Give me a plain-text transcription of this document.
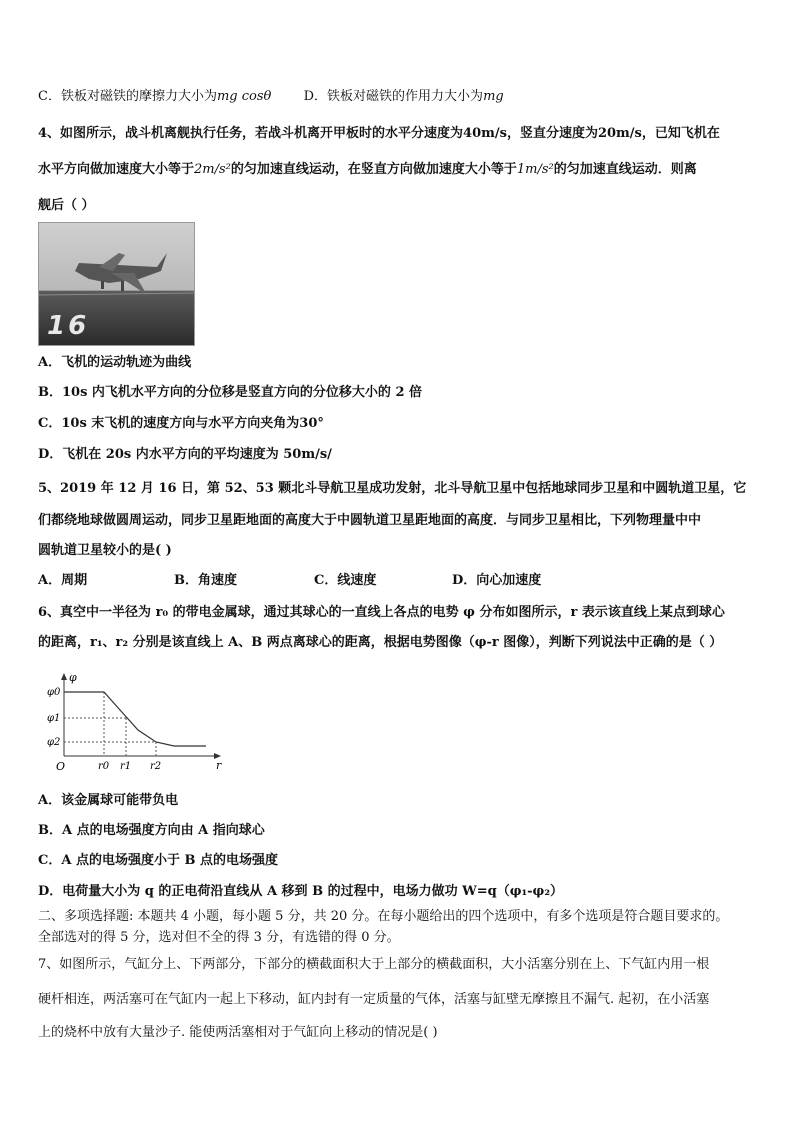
C．铁板对磁铁的摩擦力大小为mg cosθ D．铁板对磁铁的作用力大小为mg
4、如图所示，战斗机离舰执行任务，若战斗机离开甲板时的水平分速度为40m/s，竖直分速度为20m/s，已知飞机在
水平方向做加速度大小等于2m/s²的匀加速直线运动，在竖直方向做加速度大小等于1m/s²的匀加速直线运动．则离
舰后（ ）
16
A．飞机的运动轨迹为曲线
B．10s 内飞机水平方向的分位移是竖直方向的分位移大小的 2 倍
C．10s 末飞机的速度方向与水平方向夹角为30°
D．飞机在 20s 内水平方向的平均速度为 50m/s/
5、2019 年 12 月 16 日，第 52、53 颗北斗导航卫星成功发射，北斗导航卫星中包括地球同步卫星和中圆轨道卫星，它
们都绕地球做圆周运动，同步卫星距地面的高度大于中圆轨道卫星距地面的高度．与同步卫星相比，下列物理量中中
圆轨道卫星较小的是( )
A．周期	B．角速度	C．线速度	D．向心加速度
6、真空中一半径为 r₀ 的带电金属球，通过其球心的一直线上各点的电势 φ 分布如图所示，r 表示该直线上某点到球心
的距离，r₁、r₂ 分别是该直线上 A、B 两点离球心的距离，根据电势图像（φ-r 图像），判断下列说法中正确的是（ ）
φ
r
O
φ0
φ1
φ2
r0 r1 r2
A．该金属球可能带负电
B．A 点的电场强度方向由 A 指向球心
C．A 点的电场强度小于 B 点的电场强度
D．电荷量大小为 q 的正电荷沿直线从 A 移到 B 的过程中，电场力做功 W=q（φ₁-φ₂）
二、多项选择题: 本题共 4 小题，每小题 5 分，共 20 分。在每小题给出的四个选项中，有多个选项是符合题目要求的。
全部选对的得 5 分，选对但不全的得 3 分，有选错的得 0 分。
7、如图所示，气缸分上、下两部分，下部分的横截面积大于上部分的横截面积，大小活塞分别在上、下气缸内用一根
硬杆相连，两活塞可在气缸内一起上下移动，缸内封有一定质量的气体，活塞与缸壁无摩擦且不漏气. 起初，在小活塞
上的烧杯中放有大量沙子. 能使两活塞相对于气缸向上移动的情况是( )
